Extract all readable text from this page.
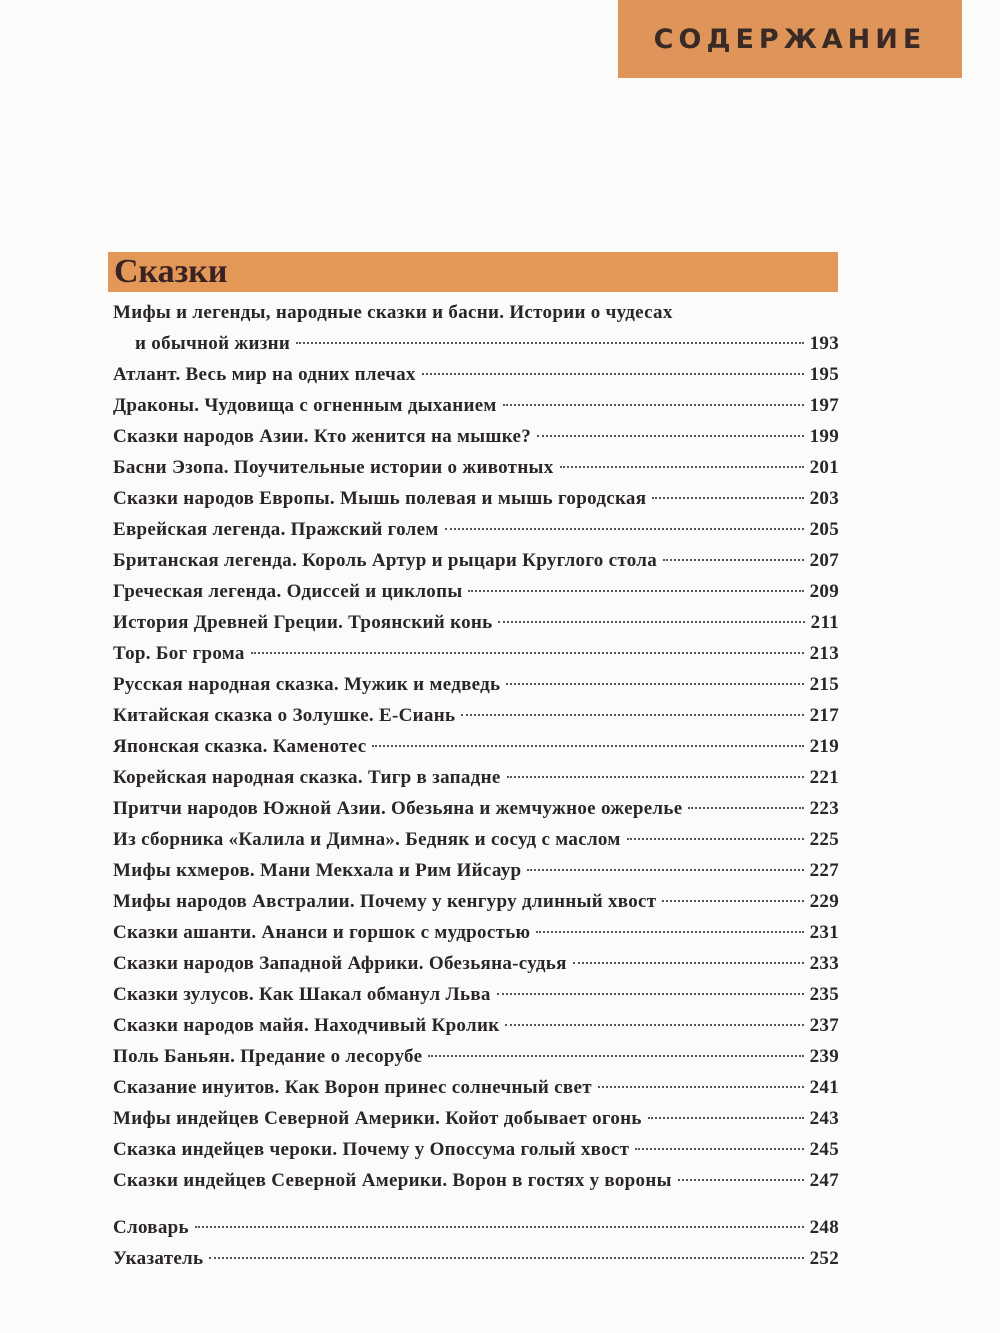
СОДЕРЖАНИЕ
Сказки
Мифы и легенды, народные сказки и басни. Истории о чудесах
и обычной жизни	193
Атлант. Весь мир на одних плечах	195
Драконы. Чудовища с огненным дыханием	197
Сказки народов Азии. Кто женится на мышке?	199
Басни Эзопа. Поучительные истории о животных	201
Сказки народов Европы. Мышь полевая и мышь городская	203
Еврейская легенда. Пражский голем	205
Британская легенда. Король Артур и рыцари Круглого стола	207
Греческая легенда. Одиссей и циклопы	209
История Древней Греции. Троянский конь	211
Тор. Бог грома	213
Русская народная сказка. Мужик и медведь	215
Китайская сказка о Золушке. Е-Сиань	217
Японская сказка. Каменотес	219
Корейская народная сказка. Тигр в западне	221
Притчи народов Южной Азии. Обезьяна и жемчужное ожерелье	223
Из сборника «Калила и Димна». Бедняк и сосуд с маслом	225
Мифы кхмеров. Мани Мекхала и Рим Ийсаур	227
Мифы народов Австралии. Почему у кенгуру длинный хвост	229
Сказки ашанти. Ананси и горшок с мудростью	231
Сказки народов Западной Африки. Обезьяна-судья	233
Сказки зулусов. Как Шакал обманул Льва	235
Сказки народов майя. Находчивый Кролик	237
Поль Баньян. Предание о лесорубе	239
Сказание инуитов. Как Ворон принес солнечный свет	241
Мифы индейцев Северной Америки. Койот добывает огонь	243
Сказка индейцев чероки. Почему у Опоссума голый хвост	245
Сказки индейцев Северной Америки. Ворон в гостях у вороны	247
Словарь	248
Указатель	252
